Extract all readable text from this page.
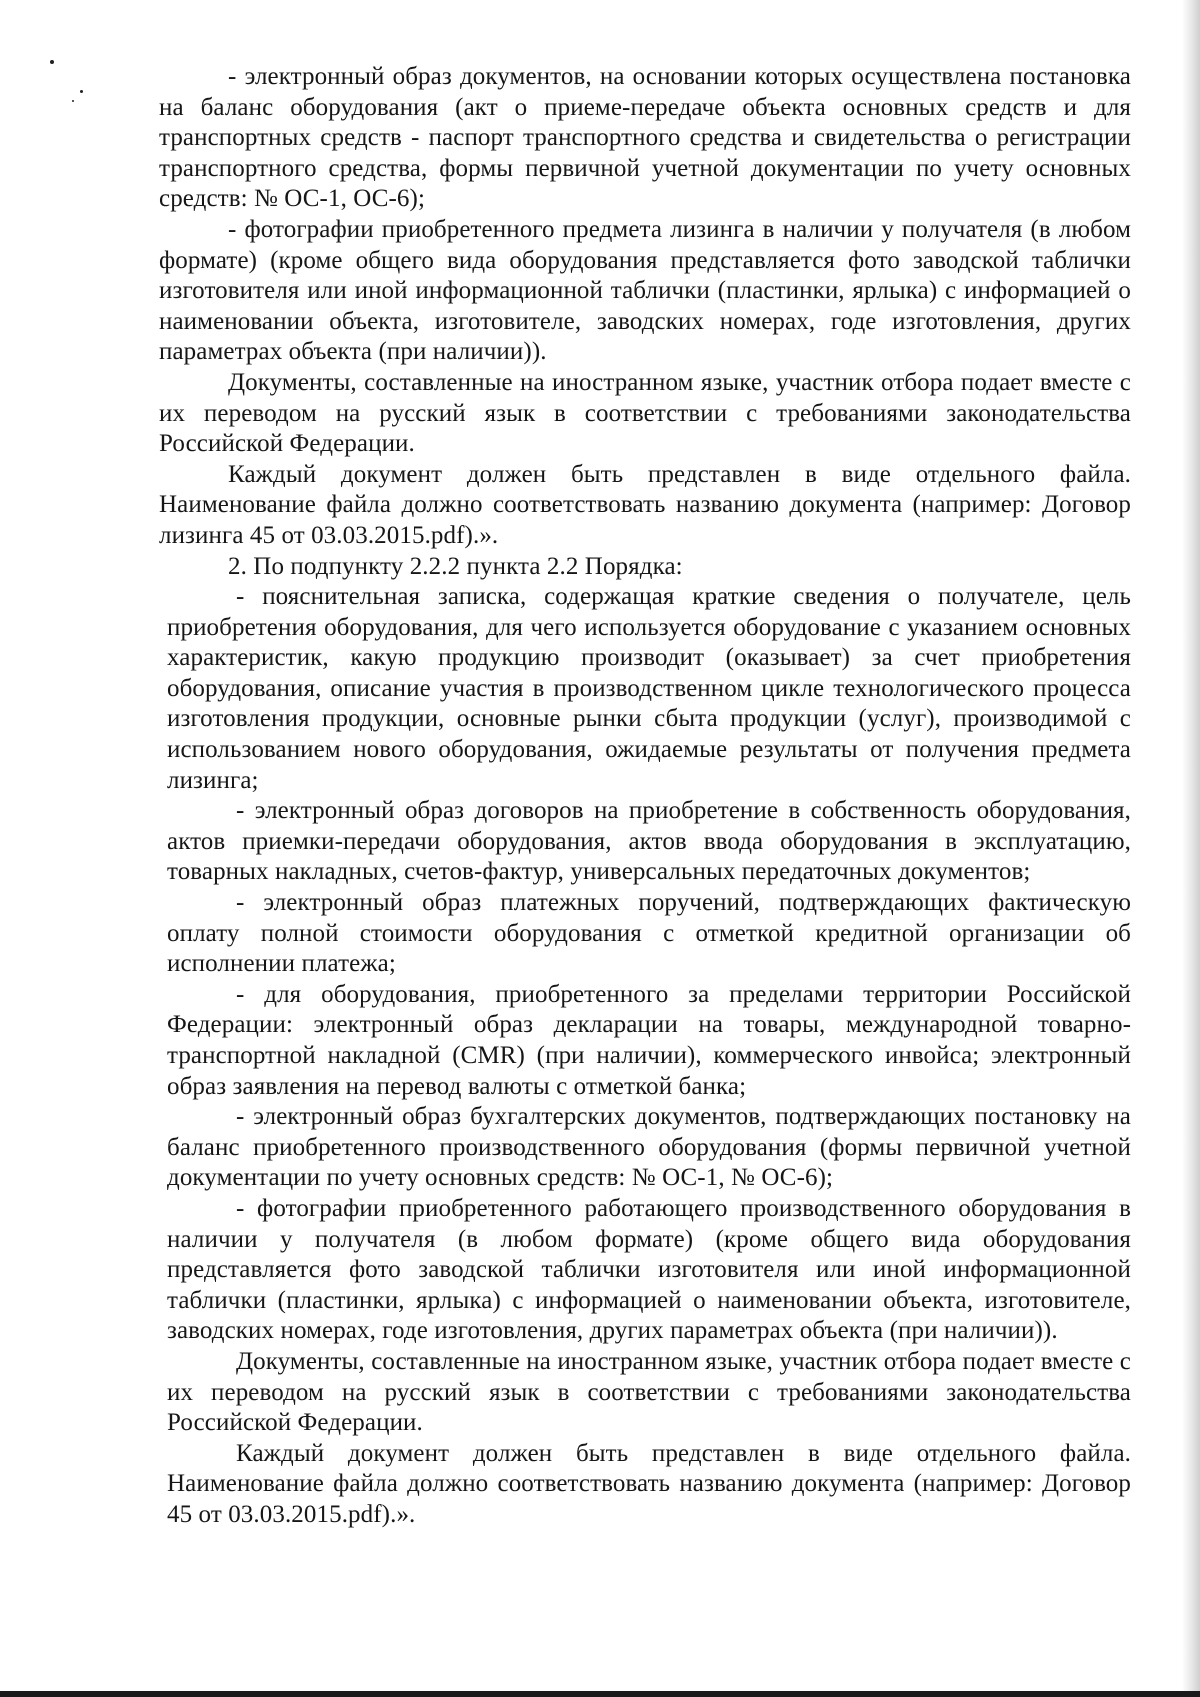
- электронный образ документов, на основании которых осуществлена постановка на баланс оборудования (акт о приеме-передаче объекта основных средств и для транспортных средств - паспорт транспортного средства и свидетельства о регистрации транспортного средства, формы первичной учетной документации по учету основных средств: № ОС-1, ОС-6);

- фотографии приобретенного предмета лизинга в наличии у получателя (в любом формате) (кроме общего вида оборудования представляется фото заводской таблички изготовителя или иной информационной таблички (пластинки, ярлыка) с информацией о наименовании объекта, изготовителе, заводских номерах, годе изготовления, других параметрах объекта (при наличии)).

Документы, составленные на иностранном языке, участник отбора подает вместе с их переводом на русский язык в соответствии с требованиями законодательства Российской Федерации.

Каждый документ должен быть представлен в виде отдельного файла. Наименование файла должно соответствовать названию документа (например: Договор лизинга 45 от 03.03.2015.pdf).».

2. По подпункту 2.2.2 пункта 2.2 Порядка:

- пояснительная записка, содержащая краткие сведения о получателе, цель приобретения оборудования, для чего используется оборудование с указанием основных характеристик, какую продукцию производит (оказывает) за счет приобретения оборудования, описание участия в производственном цикле технологического процесса изготовления продукции, основные рынки сбыта продукции (услуг), производимой с использованием нового оборудования, ожидаемые результаты от получения предмета лизинга;

- электронный образ договоров на приобретение в собственность оборудования, актов приемки-передачи оборудования, актов ввода оборудования в эксплуатацию, товарных накладных, счетов-фактур, универсальных передаточных документов;

- электронный образ платежных поручений, подтверждающих фактическую оплату полной стоимости оборудования с отметкой кредитной организации об исполнении платежа;

- для оборудования, приобретенного за пределами территории Российской Федерации: электронный образ декларации на товары, международной товарно-транспортной накладной (CMR) (при наличии), коммерческого инвойса; электронный образ заявления на перевод валюты с отметкой банка;

- электронный образ бухгалтерских документов, подтверждающих постановку на баланс приобретенного производственного оборудования (формы первичной учетной документации по учету основных средств: № ОС-1, № ОС-6);

- фотографии приобретенного работающего производственного оборудования в наличии у получателя (в любом формате) (кроме общего вида оборудования представляется фото заводской таблички изготовителя или иной информационной таблички (пластинки, ярлыка) с информацией о наименовании объекта, изготовителе, заводских номерах, годе изготовления, других параметрах объекта (при наличии)).

Документы, составленные на иностранном языке, участник отбора подает вместе с их переводом на русский язык в соответствии с требованиями законодательства Российской Федерации.

Каждый документ должен быть представлен в виде отдельного файла. Наименование файла должно соответствовать названию документа (например: Договор 45 от 03.03.2015.pdf).».
